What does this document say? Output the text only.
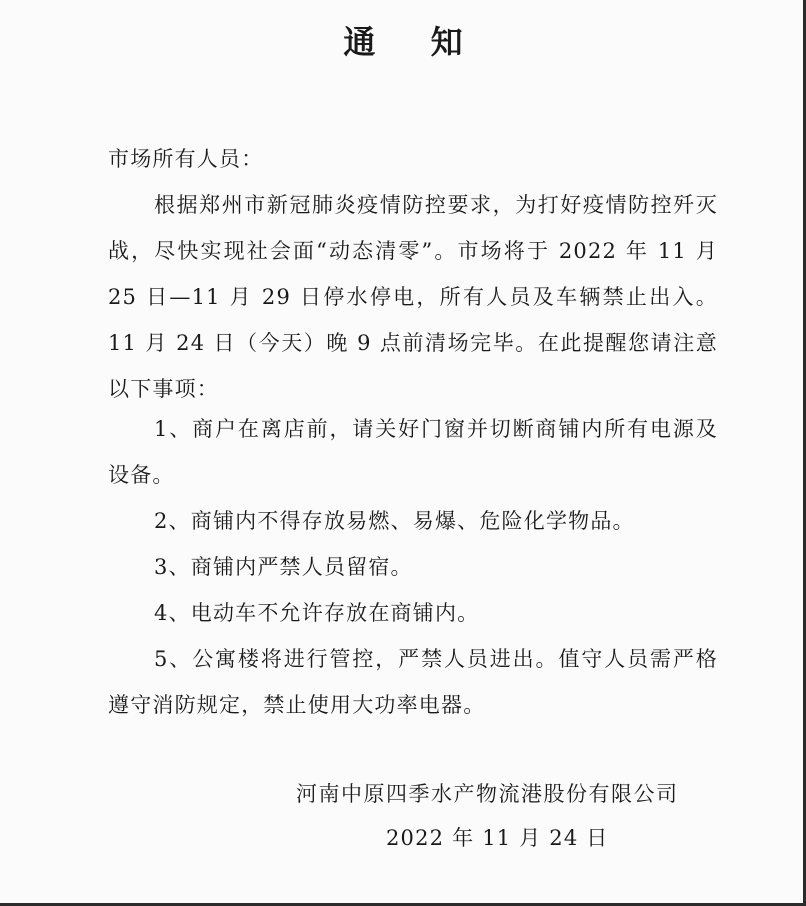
通 知
市场所有人员：
根据郑州市新冠肺炎疫情防控要求，为打好疫情防控歼灭战，尽快实现社会面“动态清零”。市场将于 2022 年 11 月 25 日—11 月 29 日停水停电，所有人员及车辆禁止出入。11 月 24 日（今天）晚 9 点前清场完毕。在此提醒您请注意以下事项：
1、商户在离店前，请关好门窗并切断商铺内所有电源及设备。
2、商铺内不得存放易燃、易爆、危险化学物品。
3、商铺内严禁人员留宿。
4、电动车不允许存放在商铺内。
5、公寓楼将进行管控，严禁人员进出。值守人员需严格遵守消防规定，禁止使用大功率电器。
河南中原四季水产物流港股份有限公司
2022 年 11 月 24 日
